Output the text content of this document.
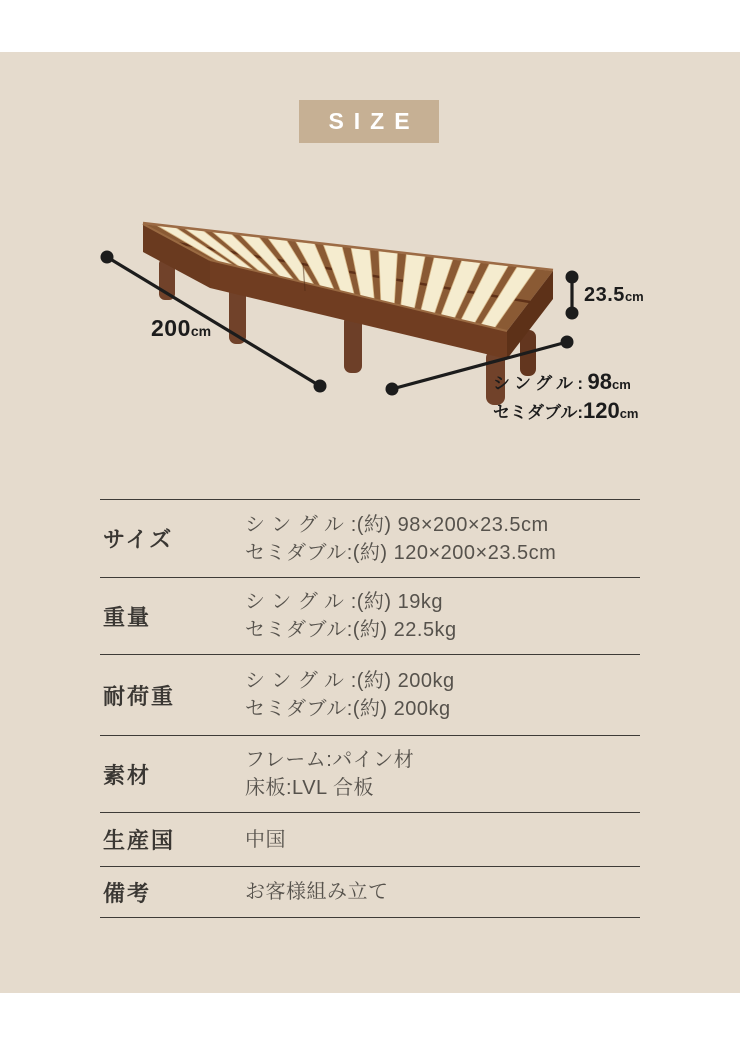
SIZE
200cm
23.5cm
シングル:98cm
セミダブル:120cm
サイズ
シングル:(約) 98×200×23.5cm
セミダブル:(約) 120×200×23.5cm
重量
シングル:(約) 19kg
セミダブル:(約) 22.5kg
耐荷重
シングル:(約) 200kg
セミダブル:(約) 200kg
素材
フレーム:パイン材
床板:LVL 合板
生産国	中国
備考	お客様組み立て
